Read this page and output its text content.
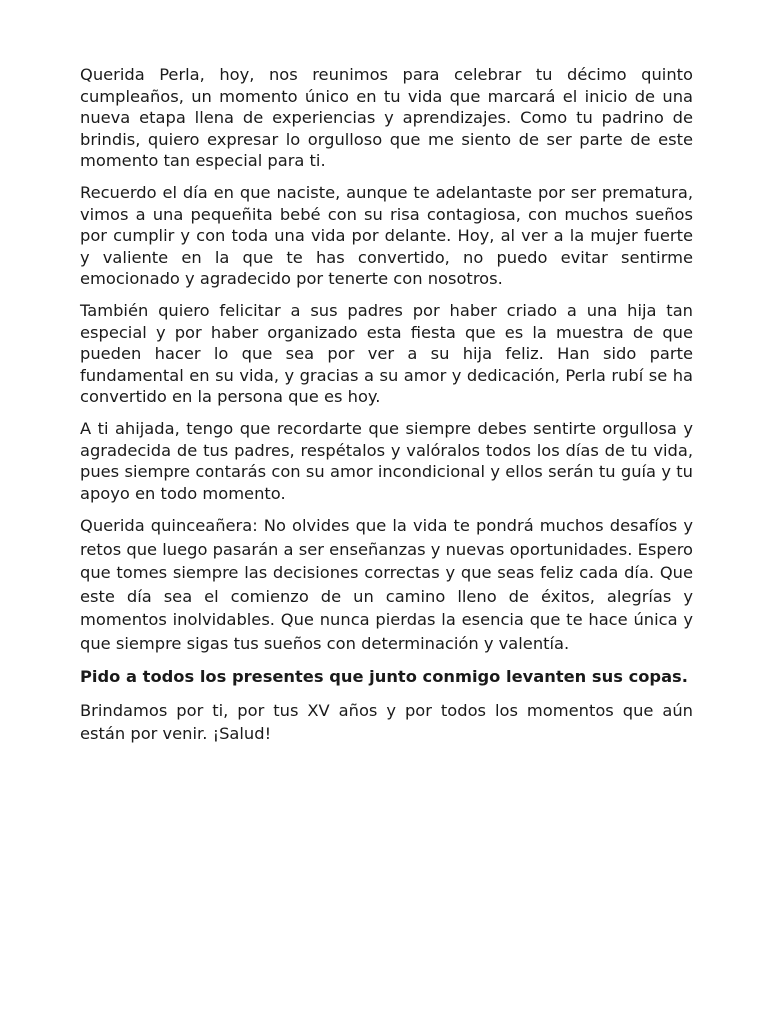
Querida Perla, hoy, nos reunimos para celebrar tu décimo quinto cumpleaños, un momento único en tu vida que marcará el inicio de una nueva etapa llena de experiencias y aprendizajes. Como tu padrino de brindis, quiero expresar lo orgulloso que me siento de ser parte de este momento tan especial para ti.

Recuerdo el día en que naciste, aunque te adelantaste por ser prematura, vimos a una pequeñita bebé con su risa contagiosa, con muchos sueños por cumplir y con toda una vida por delante. Hoy, al ver a la mujer fuerte y valiente en la que te has convertido, no puedo evitar sentirme emocionado y agradecido por tenerte con nosotros.

También quiero felicitar a sus padres por haber criado a una hija tan especial y por haber organizado esta fiesta que es la muestra de que pueden hacer lo que sea por ver a su hija feliz. Han sido parte fundamental en su vida, y gracias a su amor y dedicación, Perla rubí se ha convertido en la persona que es hoy.

A ti ahijada, tengo que recordarte que siempre debes sentirte orgullosa y agradecida de tus padres, respétalos y valóralos todos los días de tu vida, pues siempre contarás con su amor incondicional y ellos serán tu guía y tu apoyo en todo momento.

Querida quinceañera: No olvides que la vida te pondrá muchos desafíos y retos que luego pasarán a ser enseñanzas y nuevas oportunidades. Espero que tomes siempre las decisiones correctas y que seas feliz cada día. Que este día sea el comienzo de un camino lleno de éxitos, alegrías y momentos inolvidables. Que nunca pierdas la esencia que te hace única y que siempre sigas tus sueños con determinación y valentía.

Pido a todos los presentes que junto conmigo levanten sus copas.

Brindamos por ti, por tus XV años y por todos los momentos que aún están por venir. ¡Salud!
